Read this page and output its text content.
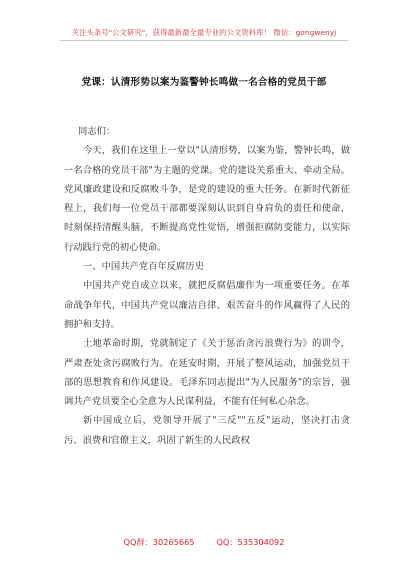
关注头条号"公文研究"，获得最新最全最专业的公文资料库！ 微信：gongwenyj
党课：认清形势以案为鉴警钟长鸣做一名合格的党员干部

同志们：

今天，我们在这里上一堂以"认清形势，以案为鉴，警钟长鸣，做一名合格的党员干部"为主题的党课。党的建设关系重大、牵动全局。党风廉政建设和反腐败斗争，是党的建设的重大任务。在新时代新征程上，我们每一位党员干部都要深刻认识到自身肩负的责任和使命，时刻保持清醒头脑，不断提高党性觉悟，增强拒腐防变能力，以实际行动践行党的初心使命。

一、中国共产党百年反腐历史

中国共产党自成立以来，就把反腐倡廉作为一项重要任务。在革命战争年代，中国共产党以廉洁自律、艰苦奋斗的作风赢得了人民的拥护和支持。

土地革命时期，党就制定了《关于惩治贪污浪费行为》的训令，严肃查处贪污腐败行为。在延安时期，开展了整风运动，加强党员干部的思想教育和作风建设。毛泽东同志提出"为人民服务"的宗旨，强调共产党员要全心全意为人民谋利益，不能有任何私心杂念。

新中国成立后，党领导开展了"三反""五反"运动，坚决打击贪污、浪费和官僚主义，巩固了新生的人民政权

QQ群：30265665	QQ：535304092
